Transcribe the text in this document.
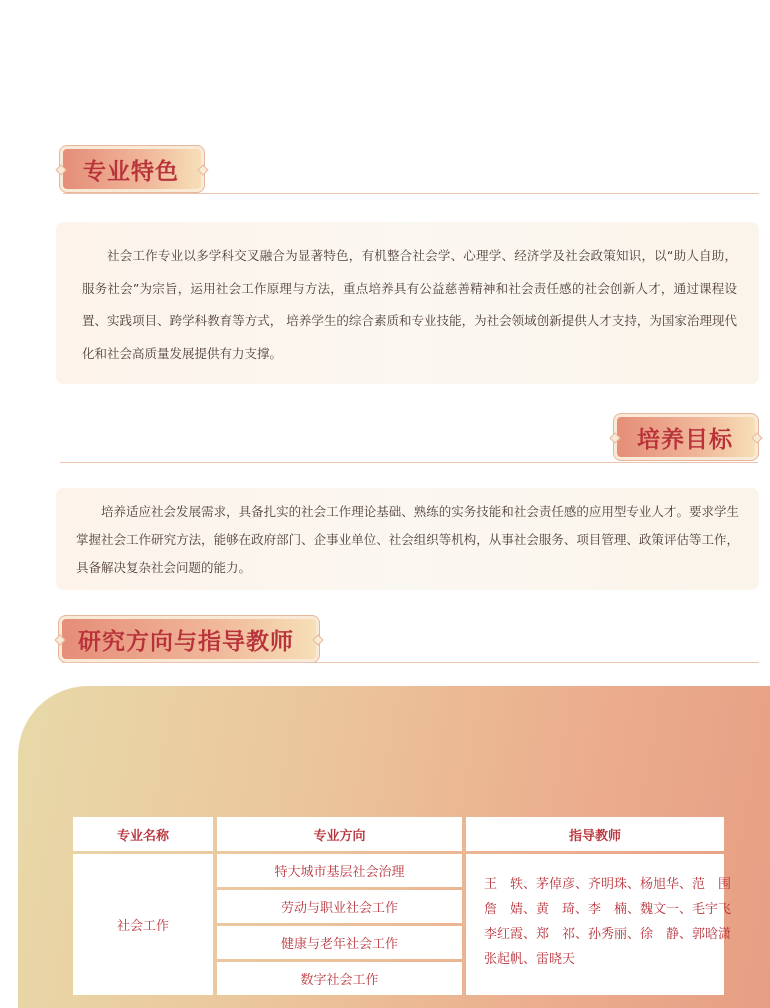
专业特色

社会工作专业以多学科交叉融合为显著特色，有机整合社会学、心理学、经济学及社会政策知识，以“助人自助，服务社会”为宗旨，运用社会工作原理与方法，重点培养具有公益慈善精神和社会责任感的社会创新人才，通过课程设置、实践项目、跨学科教育等方式， 培养学生的综合素质和专业技能，为社会领域创新提供人才支持，为国家治理现代化和社会高质量发展提供有力支撑。

培养目标

培养适应社会发展需求，具备扎实的社会工作理论基础、熟练的实务技能和社会责任感的应用型专业人才。要求学生掌握社会工作研究方法，能够在政府部门、企事业单位、社会组织等机构，从事社会服务、项目管理、政策评估等工作，具备解决复杂社会问题的能力。

研究方向与指导教师
专业名称	专业方向	指导教师
社会工作
特大城市基层社会治理
劳动与职业社会工作
健康与老年社会工作
数字社会工作
王　轶、茅倬彦、齐明珠、杨旭华、范　围
詹　婧、黄　琦、李　楠、魏文一、毛宇飞
李红霞、郑　祁、孙秀丽、徐　静、郭晗潇
张起帆、雷晓天
